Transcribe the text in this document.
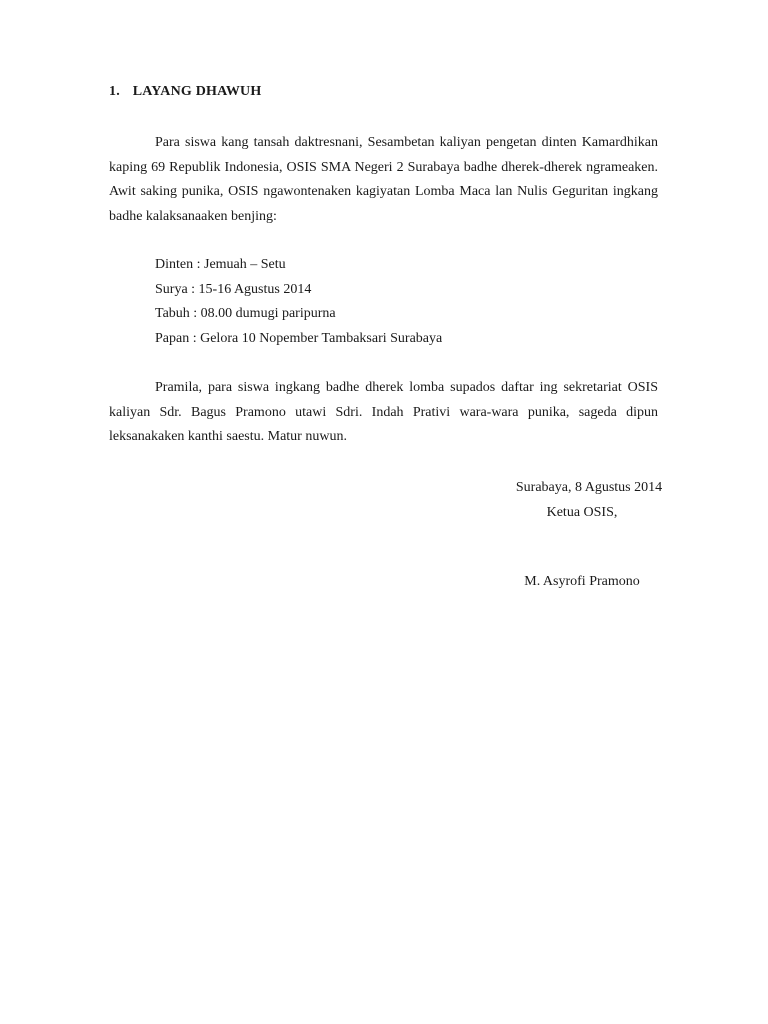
1. LAYANG DHAWUH

Para siswa kang tansah daktresnani, Sesambetan kaliyan pengetan dinten Kamardhikan kaping 69 Republik Indonesia, OSIS SMA Negeri 2 Surabaya badhe dherek-dherek ngrameaken. Awit saking punika, OSIS ngawontenaken kagiyatan Lomba Maca lan Nulis Geguritan ingkang badhe kalaksanaaken benjing:

Dinten : Jemuah – Setu
Surya : 15-16 Agustus 2014
Tabuh : 08.00 dumugi paripurna
Papan : Gelora 10 Nopember Tambaksari Surabaya

Pramila, para siswa ingkang badhe dherek lomba supados daftar ing sekretariat OSIS kaliyan Sdr. Bagus Pramono utawi Sdri. Indah Prativi wara-wara punika, sageda dipun leksanakaken kanthi saestu. Matur nuwun.

Surabaya, 8 Agustus 2014
Ketua OSIS,
M. Asyrofi Pramono
